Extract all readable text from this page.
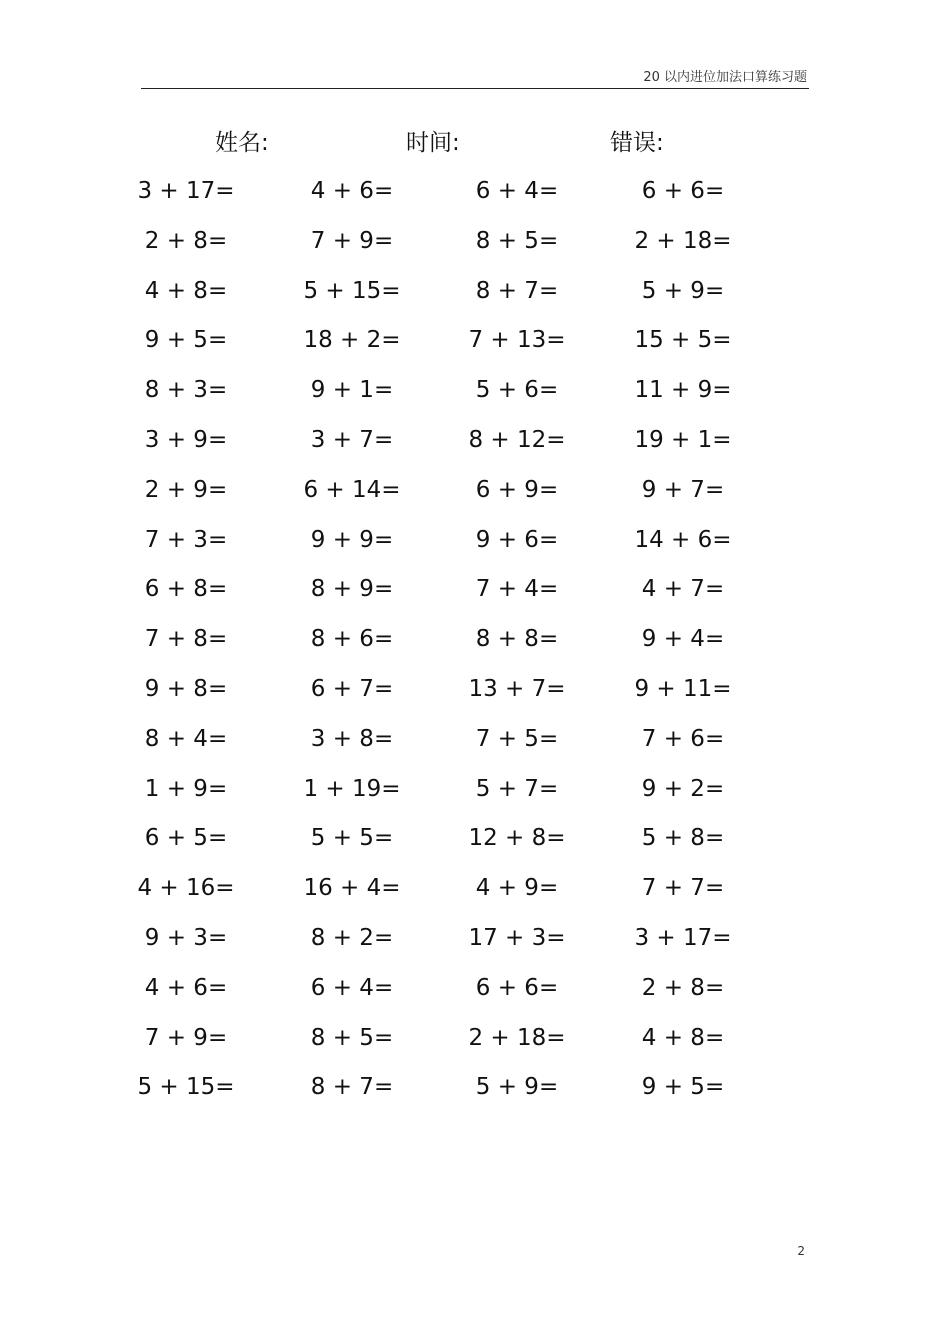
20 以内进位加法口算练习题
姓名:	时间:	错误:
3 + 17=
2 + 8=
4 + 8=
9 + 5=
8 + 3=
3 + 9=
2 + 9=
7 + 3=
6 + 8=
7 + 8=
9 + 8=
8 + 4=
1 + 9=
6 + 5=
4 + 16=
9 + 3=
4 + 6=
7 + 9=
5 + 15=
4 + 6=
7 + 9=
5 + 15=
18 + 2=
9 + 1=
3 + 7=
6 + 14=
9 + 9=
8 + 9=
8 + 6=
6 + 7=
3 + 8=
1 + 19=
5 + 5=
16 + 4=
8 + 2=
6 + 4=
8 + 5=
8 + 7=
6 + 4=
8 + 5=
8 + 7=
7 + 13=
5 + 6=
8 + 12=
6 + 9=
9 + 6=
7 + 4=
8 + 8=
13 + 7=
7 + 5=
5 + 7=
12 + 8=
4 + 9=
17 + 3=
6 + 6=
2 + 18=
5 + 9=
6 + 6=
2 + 18=
5 + 9=
15 + 5=
11 + 9=
19 + 1=
9 + 7=
14 + 6=
4 + 7=
9 + 4=
9 + 11=
7 + 6=
9 + 2=
5 + 8=
7 + 7=
3 + 17=
2 + 8=
4 + 8=
9 + 5=
2
